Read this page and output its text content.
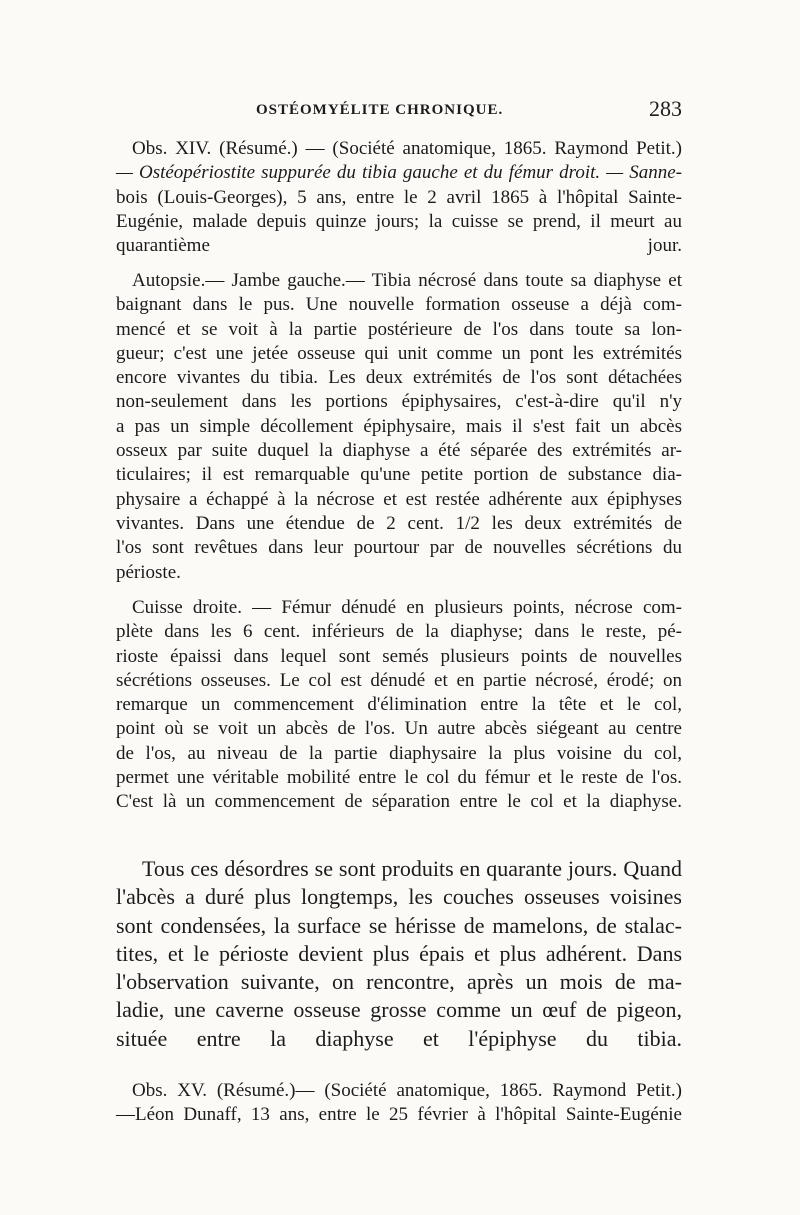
OSTÉOMYÉLITE CHRONIQUE.	283

Obs. XIV. (Résumé.) — (Société anatomique, 1865. Raymond Petit.)
— Ostéopériostite suppurée du tibia gauche et du fémur droit. — Sanne-
bois (Louis-Georges), 5 ans, entre le 2 avril 1865 à l'hôpital Sainte-
Eugénie, malade depuis quinze jours; la cuisse se prend, il meurt au
quarantième jour.

Autopsie.— Jambe gauche.— Tibia nécrosé dans toute sa diaphyse et
baignant dans le pus. Une nouvelle formation osseuse a déjà com-
mencé et se voit à la partie postérieure de l'os dans toute sa lon-
gueur; c'est une jetée osseuse qui unit comme un pont les extrémités
encore vivantes du tibia. Les deux extrémités de l'os sont détachées
non-seulement dans les portions épiphysaires, c'est-à-dire qu'il n'y
a pas un simple décollement épiphysaire, mais il s'est fait un abcès
osseux par suite duquel la diaphyse a été séparée des extrémités ar-
ticulaires; il est remarquable qu'une petite portion de substance dia-
physaire a échappé à la nécrose et est restée adhérente aux épiphyses
vivantes. Dans une étendue de 2 cent. 1/2 les deux extrémités de
l'os sont revêtues dans leur pourtour par de nouvelles sécrétions du
périoste.

Cuisse droite. — Fémur dénudé en plusieurs points, nécrose com-
plète dans les 6 cent. inférieurs de la diaphyse; dans le reste, pé-
rioste épaissi dans lequel sont semés plusieurs points de nouvelles
sécrétions osseuses. Le col est dénudé et en partie nécrosé, érodé; on
remarque un commencement d'élimination entre la tête et le col,
point où se voit un abcès de l'os. Un autre abcès siégeant au centre
de l'os, au niveau de la partie diaphysaire la plus voisine du col,
permet une véritable mobilité entre le col du fémur et le reste de l'os.
C'est là un commencement de séparation entre le col et la diaphyse.

Tous ces désordres se sont produits en quarante jours. Quand
l'abcès a duré plus longtemps, les couches osseuses voisines
sont condensées, la surface se hérisse de mamelons, de stalac-
tites, et le périoste devient plus épais et plus adhérent. Dans
l'observation suivante, on rencontre, après un mois de ma-
ladie, une caverne osseuse grosse comme un œuf de pigeon,
située entre la diaphyse et l'épiphyse du tibia.

Obs. XV. (Résumé.)— (Société anatomique, 1865. Raymond Petit.)
—Léon Dunaff, 13 ans, entre le 25 février à l'hôpital Sainte-Eugénie
